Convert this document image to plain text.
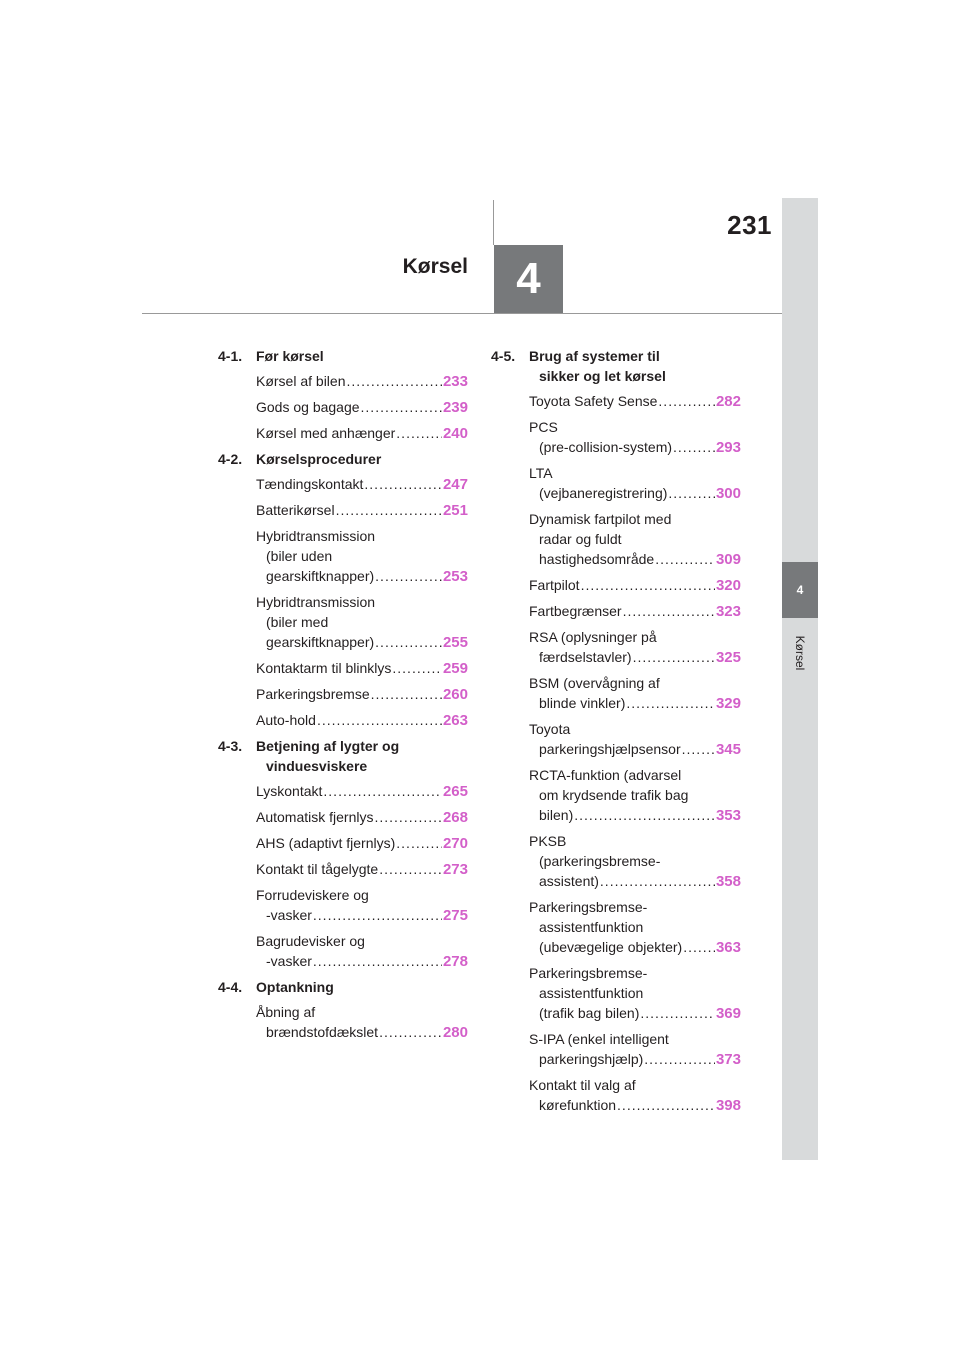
231
Kørsel	4
4
Kørsel
4-1. Før kørsel
Kørsel af bilen .....	233
Gods og bagage .....	239
Kørsel med anhænger .....	240
4-2. Kørselsprocedurer
Tændingskontakt .....	247
Batterikørsel .....	251
Hybridtransmission
(biler uden
gearskiftknapper) .....	253
Hybridtransmission
(biler med
gearskiftknapper) .....	255
Kontaktarm til blinklys .....	259
Parkeringsbremse .....	260
Auto-hold .....	263
4-3. Betjening af lygter og
vinduesviskere
Lyskontakt .....	265
Automatisk fjernlys .....	268
AHS (adaptivt fjernlys) .....	270
Kontakt til tågelygte .....	273
Forrudeviskere og
-vasker .....	275
Bagrudevisker og
-vasker .....	278
4-4. Optankning
Åbning af
brændstofdækslet .....	280
4-5. Brug af systemer til
sikker og let kørsel
Toyota Safety Sense .....	282
PCS
(pre-collision-system) .....	293
LTA
(vejbaneregistrering) .....	300
Dynamisk fartpilot med
radar og fuldt
hastighedsområde .....	309
Fartpilot .....	320
Fartbegrænser .....	323
RSA (oplysninger på
færdselstavler) .....	325
BSM (overvågning af
blinde vinkler) .....	329
Toyota
parkeringshjælpsensor ..... 345
RCTA-funktion (advarsel
om krydsende trafik bag
bilen) .....	353
PKSB
(parkeringsbremse-
assistent) .....	358
Parkeringsbremse-
assistentfunktion
(ubevægelige objekter) ..... 363
Parkeringsbremse-
assistentfunktion
(trafik bag bilen) .....	369
S-IPA (enkel intelligent
parkeringshjælp) .....	373
Kontakt til valg af
kørefunktion .....	398
